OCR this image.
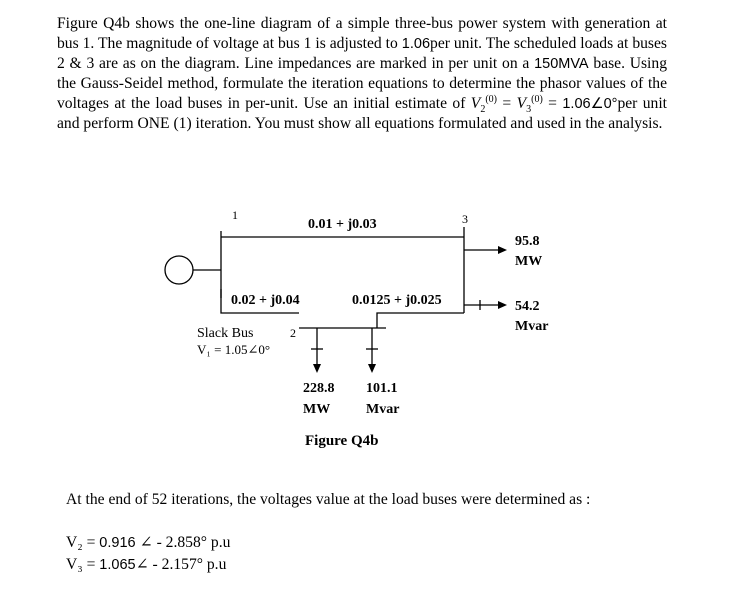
Figure Q4b shows the one-line diagram of a simple three-bus power system with generation at bus 1. The magnitude of voltage at bus 1 is adjusted to 1.06per unit. The scheduled loads at buses 2 & 3 are as on the diagram. Line impedances are marked in per unit on a 150MVA base. Using the Gauss-Seidel method, formulate the iteration equations to determine the phasor values of the voltages at the load buses in per-unit. Use an initial estimate of $V_2^{(0)} = V_3^{(0)}$ = 1.06∠0°per unit and perform ONE (1) iteration. You must show all equations formulated and used in the analysis.

1	3
2
0.01 + j0.03
0.02 + j0.04	0.0125 + j0.025
95.8
MW
54.2
Mvar
Slack Bus
V₁ = 1.05∠0°
228.8
MW
101.1
Mvar
Figure Q4b

At the end of 52 iterations, the voltages value at the load buses were determined as :

V₂ = 0.916 ∠ - 2.858° p.u

V₃ = 1.065∠ - 2.157° p.u
